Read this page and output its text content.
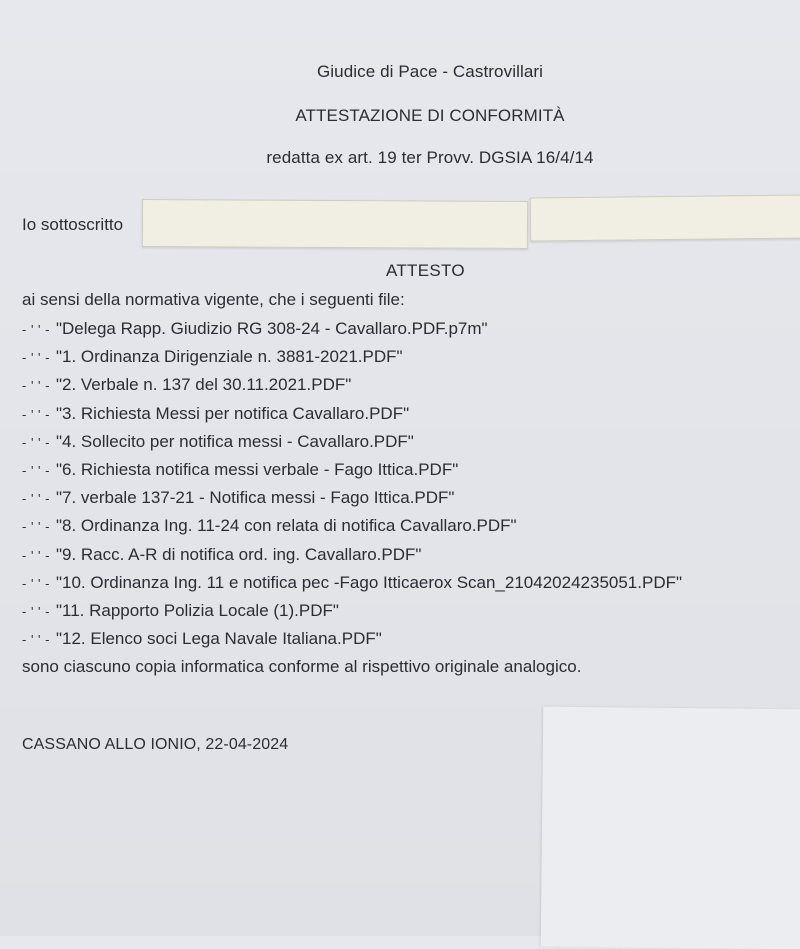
Giudice di Pace - Castrovillari
ATTESTAZIONE DI CONFORMITÀ
redatta ex art. 19 ter Provv. DGSIA 16/4/14
Io sottoscritto
ATTESTO
ai sensi della normativa vigente, che i seguenti file:
- ' ' - "Delega Rapp. Giudizio RG 308-24 - Cavallaro.PDF.p7m"
- ' ' - "1. Ordinanza Dirigenziale n. 3881-2021.PDF"
- ' ' - "2. Verbale n. 137 del 30.11.2021.PDF"
- ' ' - "3. Richiesta Messi per notifica Cavallaro.PDF"
- ' ' - "4. Sollecito per notifica messi - Cavallaro.PDF"
- ' ' - "6. Richiesta notifica messi verbale - Fago Ittica.PDF"
- ' ' - "7. verbale 137-21 - Notifica messi - Fago Ittica.PDF"
- ' ' - "8. Ordinanza Ing. 11-24 con relata di notifica Cavallaro.PDF"
- ' ' - "9. Racc. A-R di notifica ord. ing. Cavallaro.PDF"
- ' ' - "10. Ordinanza Ing. 11 e notifica pec -Fago Itticaerox Scan_21042024235051.PDF"
- ' ' - "11. Rapporto Polizia Locale (1).PDF"
- ' ' - "12. Elenco soci Lega Navale Italiana.PDF"
sono ciascuno copia informatica conforme al rispettivo originale analogico.
CASSANO ALLO IONIO, 22-04-2024
